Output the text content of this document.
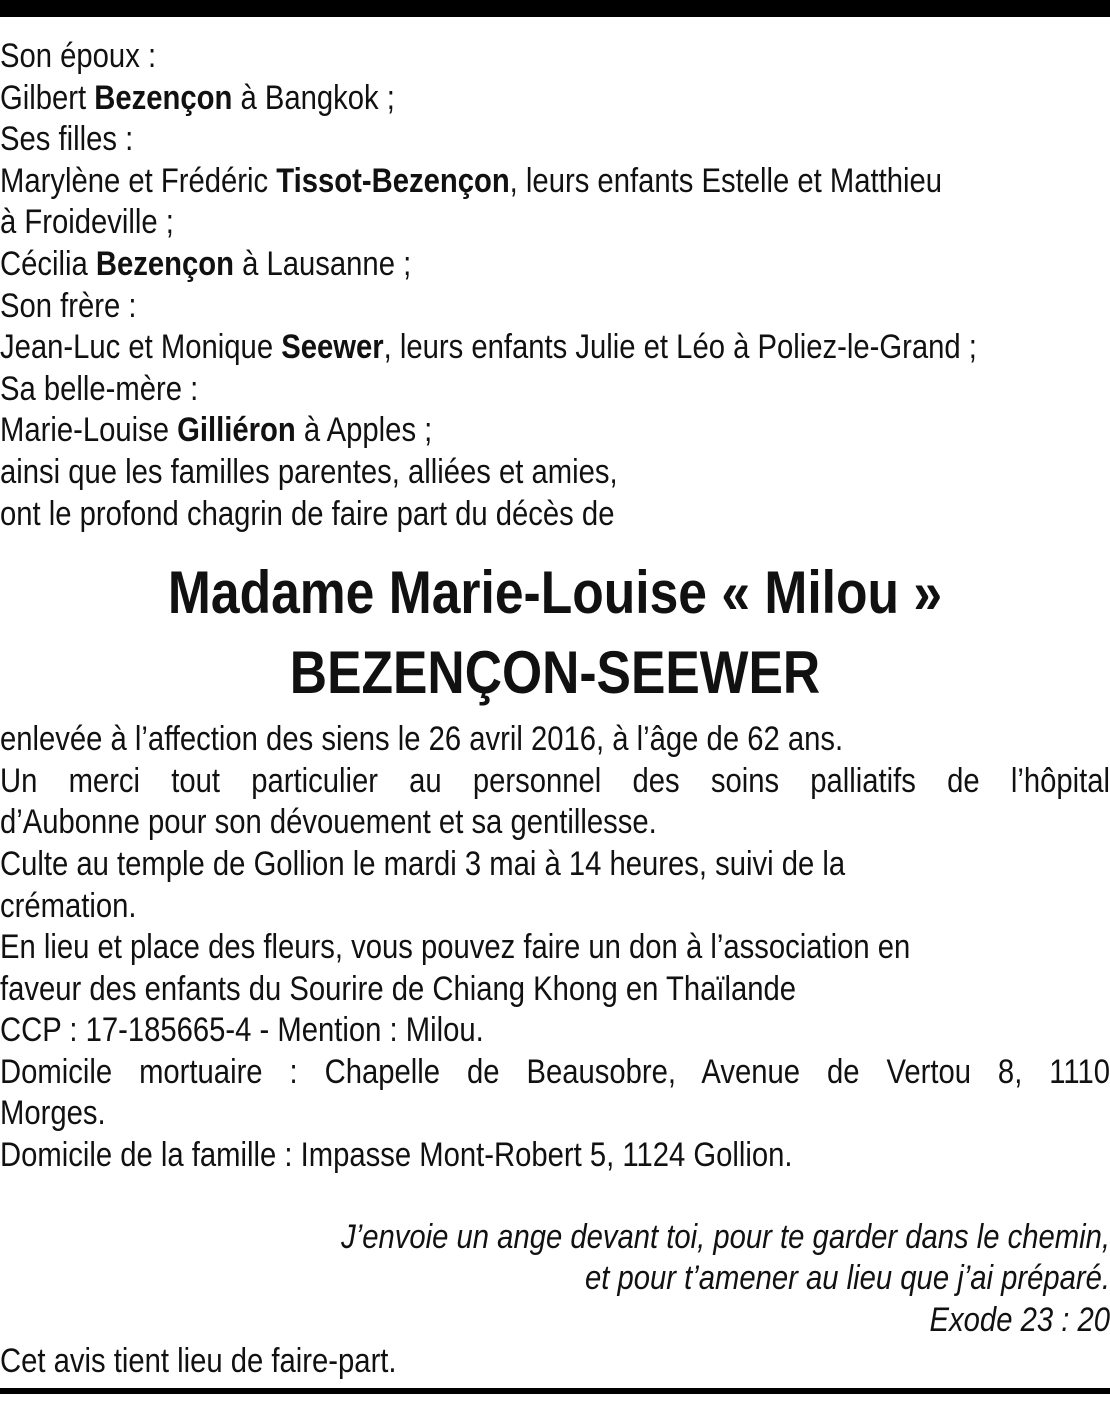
Son époux :
Gilbert Bezençon à Bangkok ;
Ses filles :
Marylène et Frédéric Tissot-Bezençon, leurs enfants Estelle et Matthieu
à Froideville ;
Cécilia Bezençon à Lausanne ;
Son frère :
Jean-Luc et Monique Seewer, leurs enfants Julie et Léo à Poliez-le-Grand ;
Sa belle-mère :
Marie-Louise Gilliéron à Apples ;
ainsi que les familles parentes, alliées et amies,
ont le profond chagrin de faire part du décès de
Madame Marie-Louise « Milou »
BEZENÇON-SEEWER
enlevée à l’affection des siens le 26 avril 2016, à l’âge de 62 ans.
Un merci tout particulier au personnel des soins palliatifs de l’hôpital
d’Aubonne pour son dévouement et sa gentillesse.
Culte au temple de Gollion le mardi 3 mai à 14 heures, suivi de la
crémation.
En lieu et place des fleurs, vous pouvez faire un don à l’association en
faveur des enfants du Sourire de Chiang Khong en Thaïlande
CCP : 17-185665-4 - Mention : Milou.
Domicile mortuaire : Chapelle de Beausobre, Avenue de Vertou 8, 1110
Morges.
Domicile de la famille : Impasse Mont-Robert 5, 1124 Gollion.
J’envoie un ange devant toi, pour te garder dans le chemin,
et pour t’amener au lieu que j’ai préparé.
Exode 23 : 20
Cet avis tient lieu de faire-part.
